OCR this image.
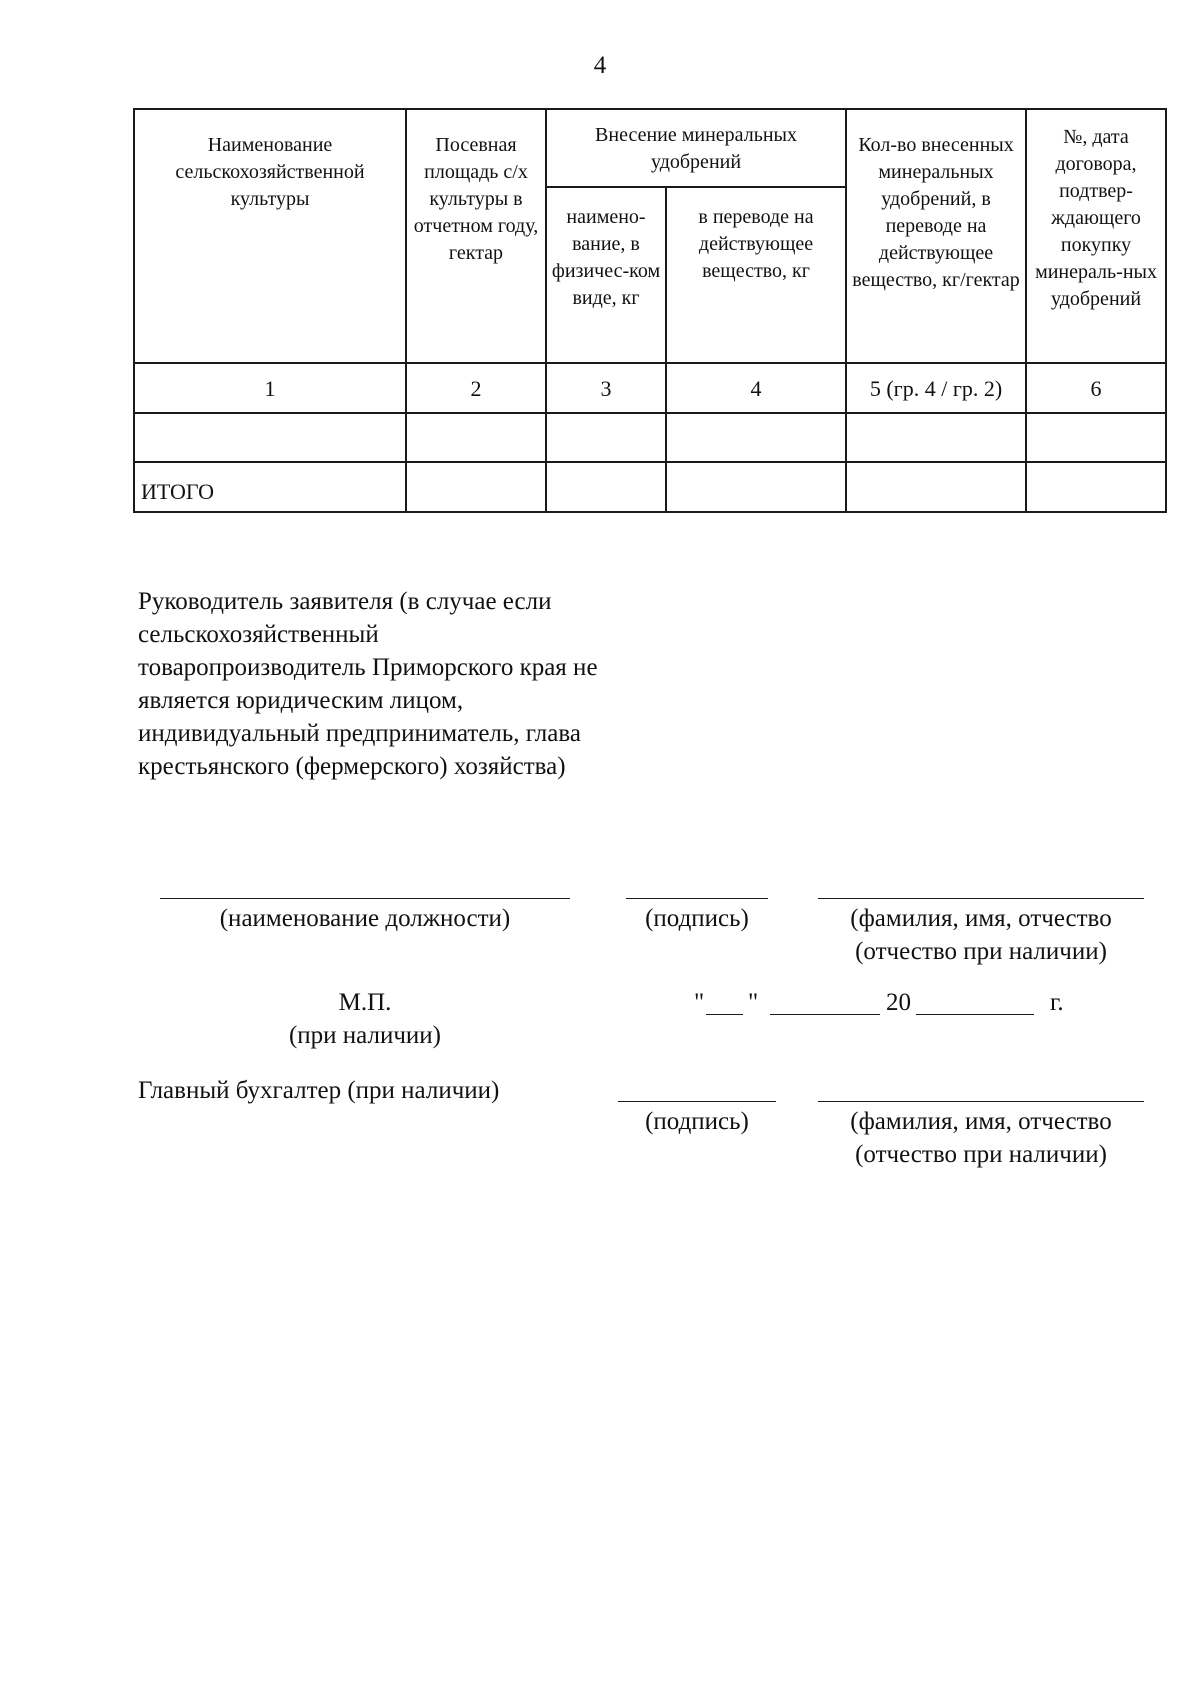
4
Наименование сельскохозяйственной культуры	Посевная площадь с/х культуры в отчетном году, гектар	Внесение минеральных удобрений		Кол-во внесенных минеральных удобрений, в переводе на действующее вещество, кг/гектар	№, дата договора, подтвер-ждающего покупку минераль-ных удобрений
		наимено-вание, в физичес-ком виде, кг	в переводе на действующее вещество, кг		
1	2	3	4	5 (гр. 4 / гр. 2)	6

ИТОГО					

Руководитель заявителя (в случае если сельскохозяйственный товаропроизводитель Приморского края не является юридическим лицом, индивидуальный предприниматель, глава крестьянского (фермерского) хозяйства)

(наименование должности)	(подпись)	(фамилия, имя, отчество
(отчество при наличии)
М.П.
(при наличии)
" "	20	г.
Главный бухгалтер (при наличии)
(подпись)	(фамилия, имя, отчество
(отчество при наличии)
